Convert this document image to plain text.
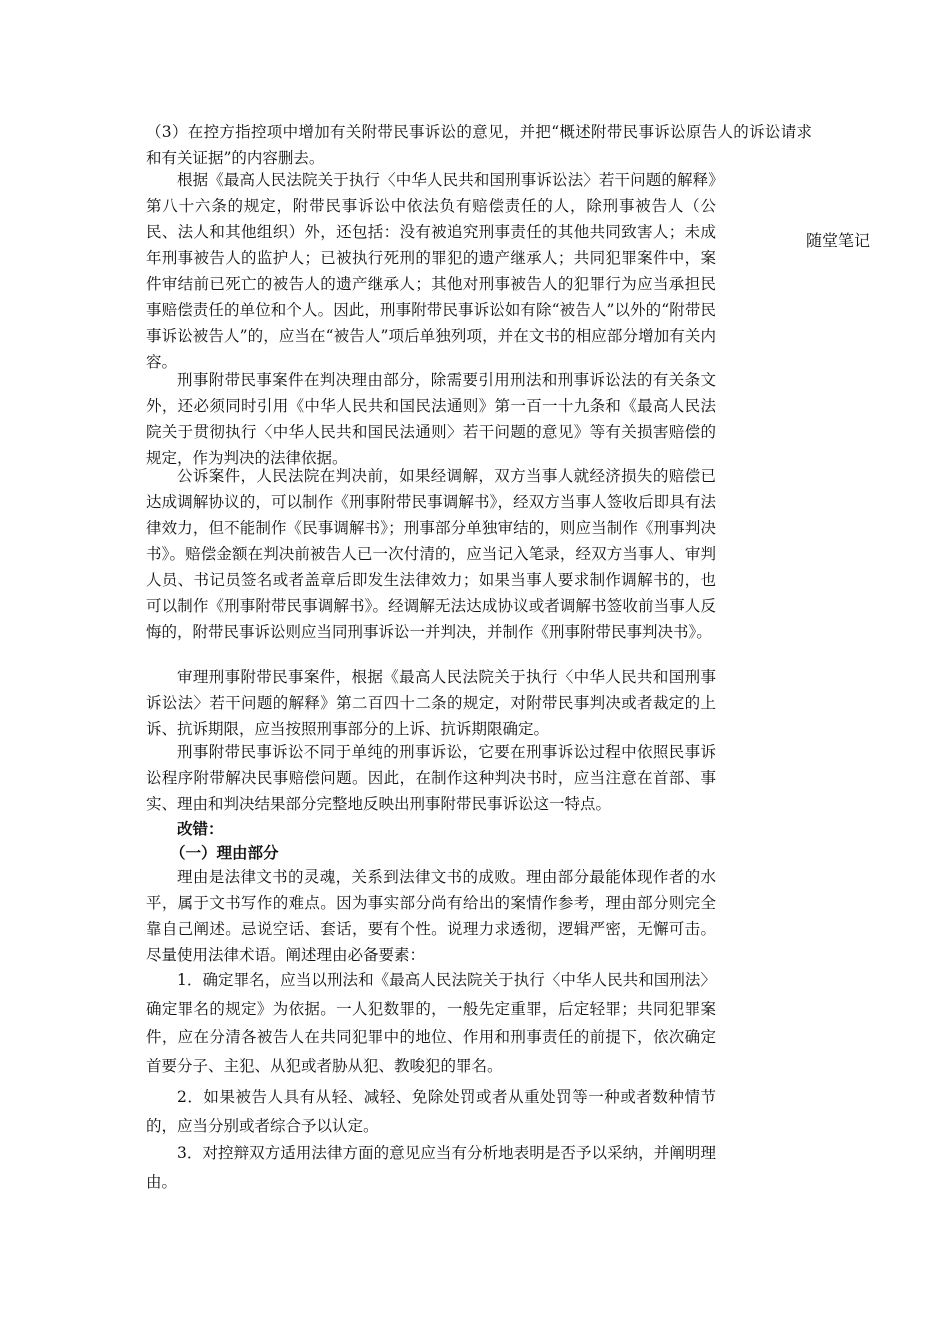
随堂笔记

（3）在控方指控项中增加有关附带民事诉讼的意见，并把“概述附带民事诉讼原告人的诉讼请求和有关证据”的内容删去。

根据《最高人民法院关于执行〈中华人民共和国刑事诉讼法〉若干问题的解释》第八十六条的规定，附带民事诉讼中依法负有赔偿责任的人，除刑事被告人（公民、法人和其他组织）外，还包括：没有被追究刑事责任的其他共同致害人；未成年刑事被告人的监护人；已被执行死刑的罪犯的遗产继承人；共同犯罪案件中，案件审结前已死亡的被告人的遗产继承人；其他对刑事被告人的犯罪行为应当承担民事赔偿责任的单位和个人。因此，刑事附带民事诉讼如有除“被告人”以外的“附带民事诉讼被告人”的，应当在“被告人”项后单独列项，并在文书的相应部分增加有关内容。

刑事附带民事案件在判决理由部分，除需要引用刑法和刑事诉讼法的有关条文外，还必须同时引用《中华人民共和国民法通则》第一百一十九条和《最高人民法院关于贯彻执行〈中华人民共和国民法通则〉若干问题的意见》等有关损害赔偿的规定，作为判决的法律依据。

公诉案件，人民法院在判决前，如果经调解，双方当事人就经济损失的赔偿已达成调解协议的，可以制作《刑事附带民事调解书》，经双方当事人签收后即具有法律效力，但不能制作《民事调解书》；刑事部分单独审结的，则应当制作《刑事判决书》。赔偿金额在判决前被告人已一次付清的，应当记入笔录，经双方当事人、审判人员、书记员签名或者盖章后即发生法律效力；如果当事人要求制作调解书的，也可以制作《刑事附带民事调解书》。经调解无法达成协议或者调解书签收前当事人反悔的，附带民事诉讼则应当同刑事诉讼一并判决，并制作《刑事附带民事判决书》。

审理刑事附带民事案件，根据《最高人民法院关于执行〈中华人民共和国刑事诉讼法〉若干问题的解释》第二百四十二条的规定，对附带民事判决或者裁定的上诉、抗诉期限，应当按照刑事部分的上诉、抗诉期限确定。

刑事附带民事诉讼不同于单纯的刑事诉讼，它要在刑事诉讼过程中依照民事诉讼程序附带解决民事赔偿问题。因此，在制作这种判决书时，应当注意在首部、事实、理由和判决结果部分完整地反映出刑事附带民事诉讼这一特点。

改错：

（一）理由部分

理由是法律文书的灵魂，关系到法律文书的成败。理由部分最能体现作者的水平，属于文书写作的难点。因为事实部分尚有给出的案情作参考，理由部分则完全靠自己阐述。忌说空话、套话，要有个性。说理力求透彻，逻辑严密，无懈可击。尽量使用法律术语。阐述理由必备要素：

1．确定罪名，应当以刑法和《最高人民法院关于执行〈中华人民共和国刑法〉确定罪名的规定》为依据。一人犯数罪的，一般先定重罪，后定轻罪；共同犯罪案件，应在分清各被告人在共同犯罪中的地位、作用和刑事责任的前提下，依次确定首要分子、主犯、从犯或者胁从犯、教唆犯的罪名。

2．如果被告人具有从轻、减轻、免除处罚或者从重处罚等一种或者数种情节的，应当分别或者综合予以认定。

3．对控辩双方适用法律方面的意见应当有分析地表明是否予以采纳，并阐明理由。
